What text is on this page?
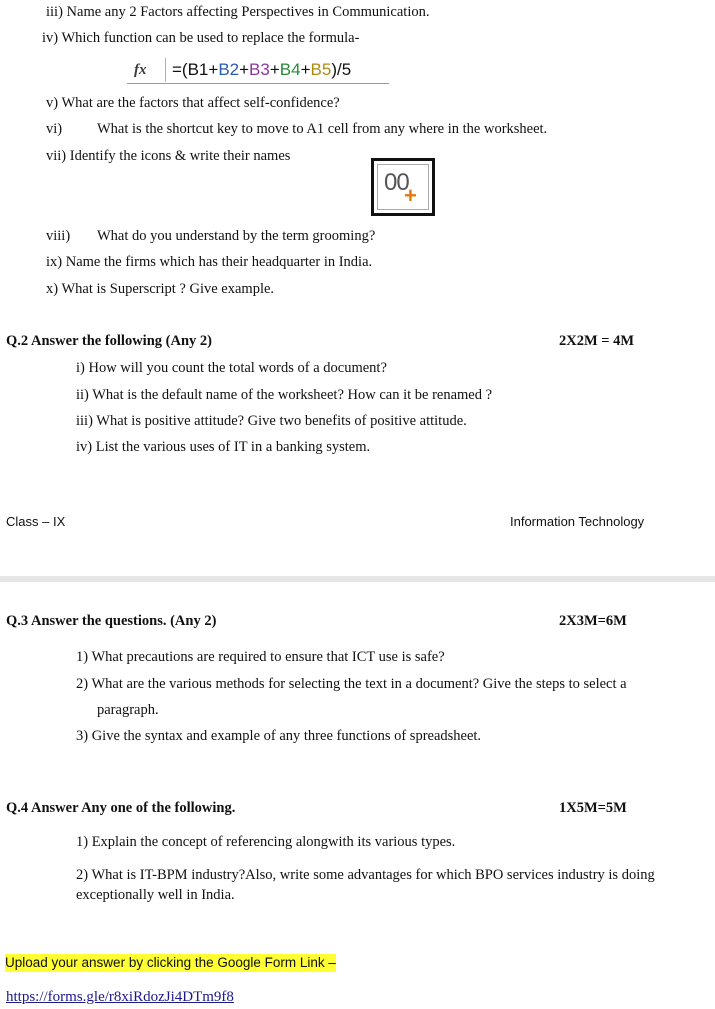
iii) Name any 2 Factors affecting Perspectives in Communication.
iv) Which function can be used to replace the formula-
fx	=(B1+B2+B3+B4+B5)/5
v) What are the factors that affect self-confidence?
vi) What is the shortcut key to move to A1 cell from any where in the worksheet.
vii) Identify the icons & write their names
00
+
viii) What do you understand by the term grooming?
ix) Name the firms which has their headquarter in India.
x) What is Superscript ? Give example.
Q.2 Answer the following (Any 2)	2X2M = 4M
i) How will you count the total words of a document?
ii) What is the default name of the worksheet? How can it be renamed ?
iii) What is positive attitude? Give two benefits of positive attitude.
iv) List the various uses of IT in a banking system.
Class – IX	Information Technology
Q.3 Answer the questions. (Any 2)	2X3M=6M
1) What precautions are required to ensure that ICT use is safe?
2) What are the various methods for selecting the text in a document? Give the steps to select a
paragraph.
3) Give the syntax and example of any three functions of spreadsheet.
Q.4 Answer Any one of the following.	1X5M=5M
1) Explain the concept of referencing alongwith its various types.
2) What is IT-BPM industry?Also, write some advantages for which BPO services industry is doing
exceptionally well in India.
Upload your answer by clicking the Google Form Link –
https://forms.gle/r8xiRdozJi4DTm9f8
